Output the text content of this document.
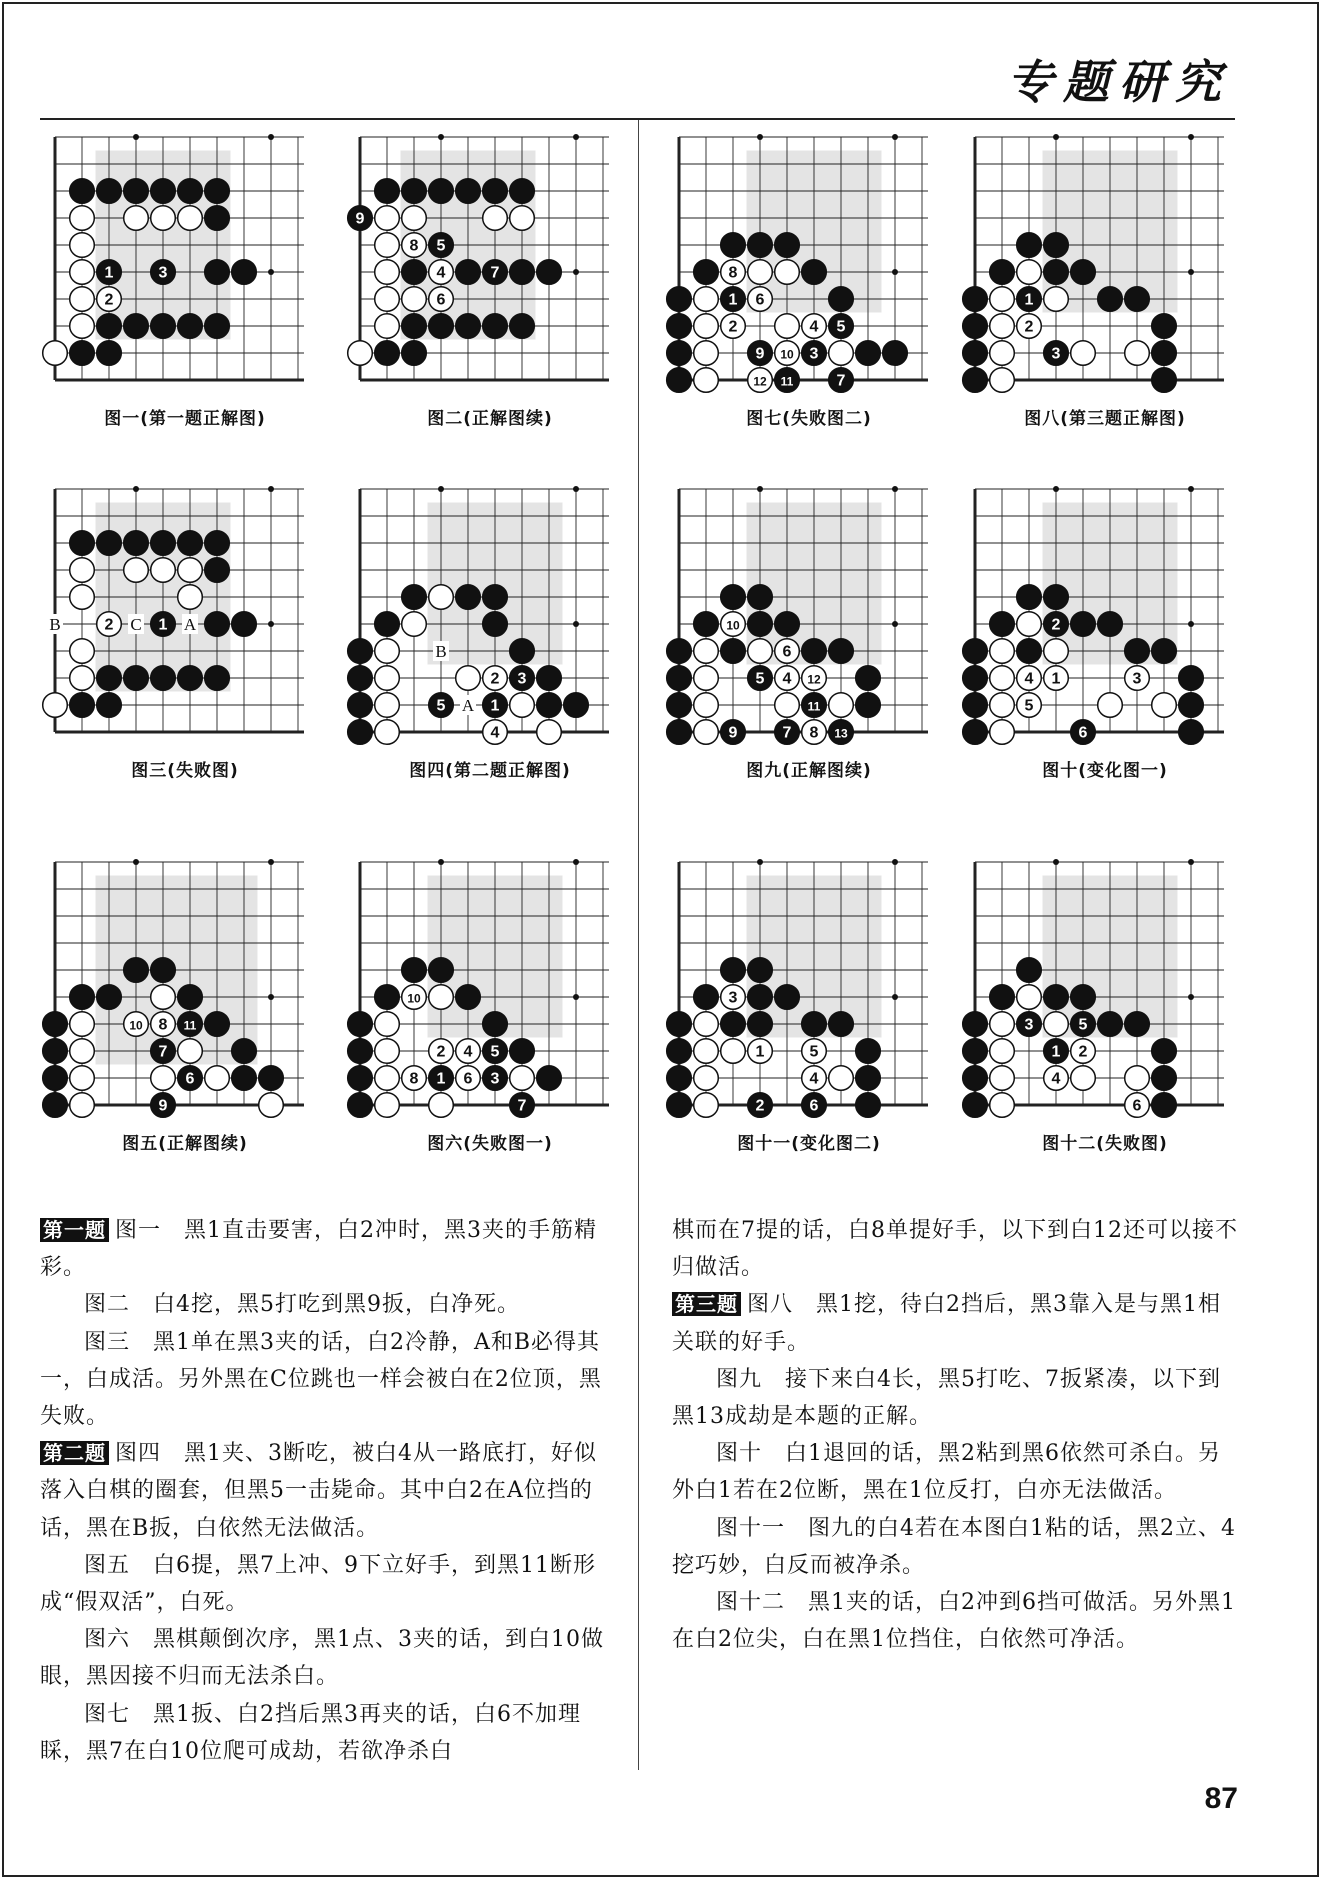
专题研究
1	3
2
图一(第一题正解图)
9
8 5
4	7
6
图二(正解图续)
8
1 6
2	4 5
9 10 3
12 11	7
图七(失败图二)
1
2
3
图八(第三题正解图)
2	1
B	C A
图三(失败图)
2 3
5	1
4
B
A
图四(第二题正解图)
10
6
5 4 12
11
9	7 8 13
图九(正解图续)
2
4 1	3
5
6
图十(变化图一)
10 8 11
7
6
9
图五(正解图续)
10
2 4 5
8 1 6 3
7
图六(失败图一)
3
1	5
4
2	6
图十一(变化图二)
3	5
1 2
4
6
图十二(失败图)

第一题 图一　黑1直击要害，白2冲时，黑3夹的手筋精彩。

图二　白4挖，黑5打吃到黑9扳，白净死。

图三　黑1单在黑3夹的话，白2冷静，A和B必得其一，白成活。另外黑在C位跳也一样会被白在2位顶，黑失败。

第二题 图四　黑1夹、3断吃，被白4从一路底打，好似落入白棋的圈套，但黑5一击毙命。其中白2在A位挡的话，黑在B扳，白依然无法做活。

图五　白6提，黑7上冲、9下立好手，到黑11断形成“假双活”，白死。

图六　黑棋颠倒次序，黑1点、3夹的话，到白10做眼，黑因接不归而无法杀白。

图七　黑1扳、白2挡后黑3再夹的话，白6不加理睬，黑7在白10位爬可成劫，若欲净杀白

棋而在7提的话，白8单提好手，以下到白12还可以接不归做活。

第三题 图八　黑1挖，待白2挡后，黑3靠入是与黑1相关联的好手。

图九　接下来白4长，黑5打吃、7扳紧凑，以下到黑13成劫是本题的正解。

图十　白1退回的话，黑2粘到黑6依然可杀白。另外白1若在2位断，黑在1位反打，白亦无法做活。

图十一　图九的白4若在本图白1粘的话，黑2立、4挖巧妙，白反而被净杀。

图十二　黑1夹的话，白2冲到6挡可做活。另外黑1在白2位尖，白在黑1位挡住，白依然可净活。

87
